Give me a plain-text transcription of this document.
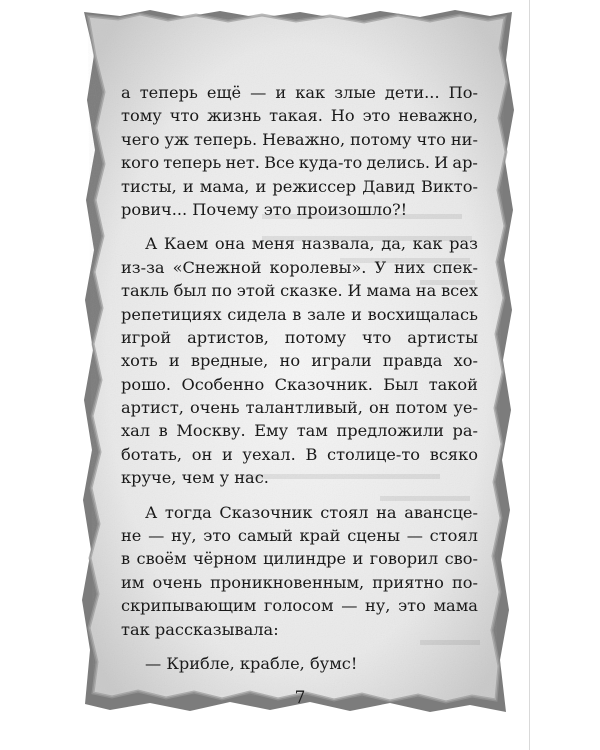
а теперь ещё — и как злые дети... По-
тому что жизнь такая. Но это неважно,
чего уж теперь. Неважно, потому что ни-
кого теперь нет. Все куда-то делись. И ар-
тисты, и мама, и режиссер Давид Викто-
рович... Почему это произошло?!
А Каем она меня назвала, да, как раз
из-за «Снежной королевы». У них спек-
такль был по этой сказке. И мама на всех
репетициях сидела в зале и восхищалась
игрой артистов, потому что артисты
хоть и вредные, но играли правда хо-
рошо. Особенно Сказочник. Был такой
артист, очень талантливый, он потом уе-
хал в Москву. Ему там предложили ра-
ботать, он и уехал. В столице-то всяко
круче, чем у нас.
А тогда Сказочник стоял на авансце-
не — ну, это самый край сцены — стоял
в своём чёрном цилиндре и говорил сво-
им очень проникновенным, приятно по-
скрипывающим голосом — ну, это мама
так рассказывала:
— Крибле, крабле, бумс!
7
